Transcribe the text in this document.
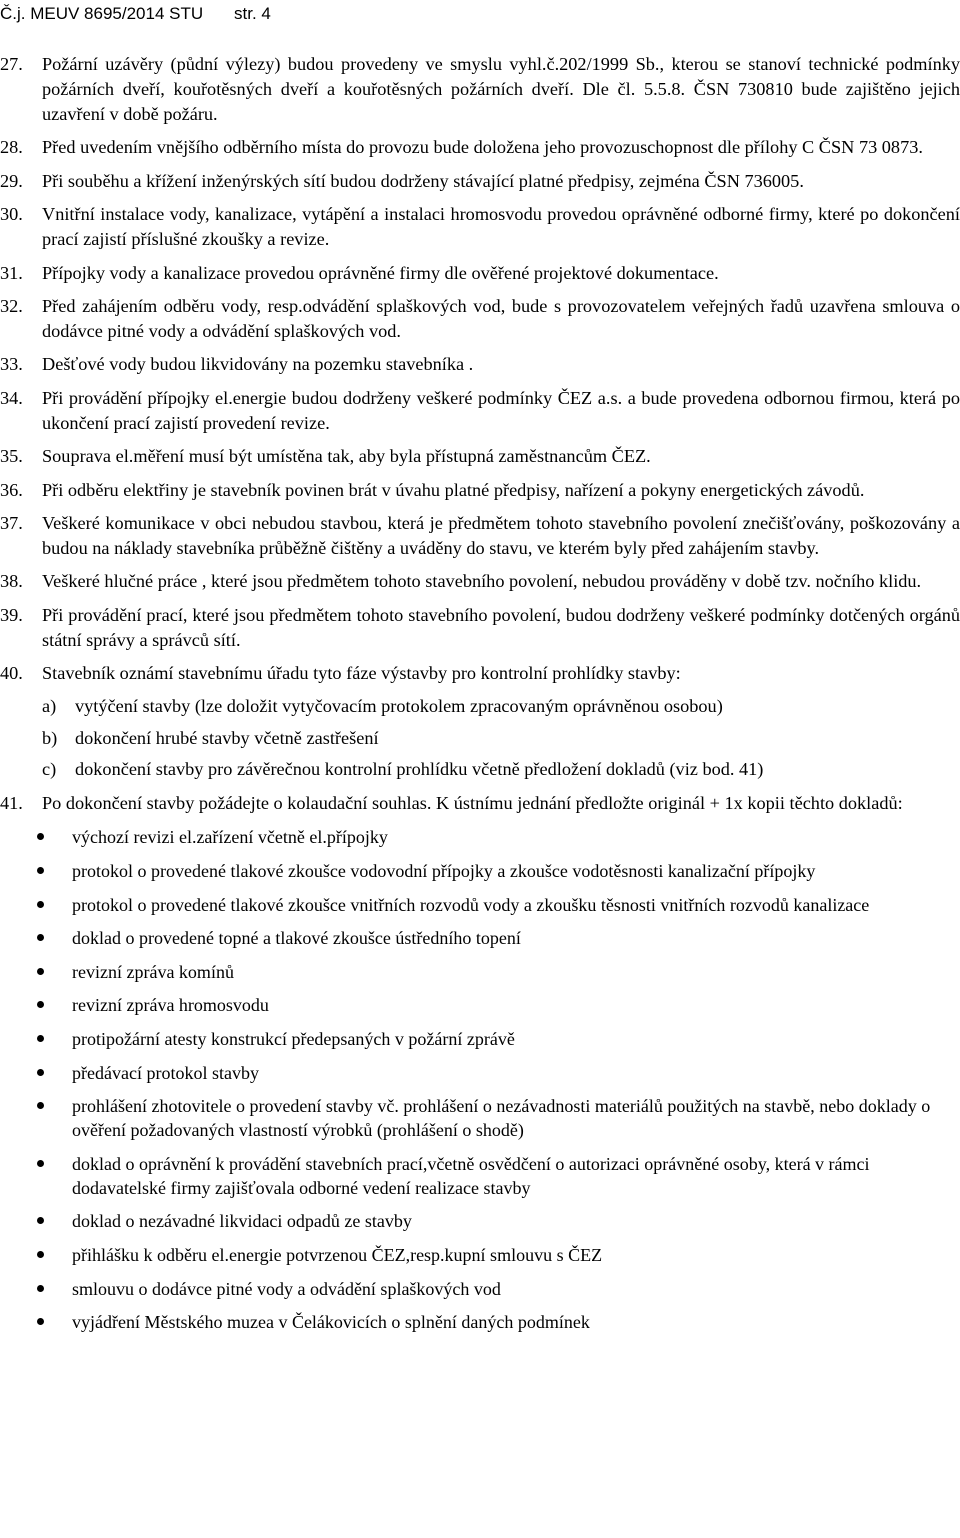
Č.j. MEUV 8695/2014 STU str. 4
27. Požární uzávěry (půdní výlezy) budou provedeny ve smyslu vyhl.č.202/1999 Sb., kterou se stanoví technické podmínky požárních dveří, kouřotěsných dveří a kouřotěsných požárních dveří. Dle čl. 5.5.8. ČSN 730810 bude zajištěno jejich uzavření v době požáru.
28. Před uvedením vnějšího odběrního místa do provozu bude doložena jeho provozuschopnost dle přílohy C ČSN 73 0873.
29. Při souběhu a křížení inženýrských sítí budou dodrženy stávající platné předpisy, zejména ČSN 736005.
30. Vnitřní instalace vody, kanalizace, vytápění a instalaci hromosvodu provedou oprávněné odborné firmy, které po dokončení prací zajistí příslušné zkoušky a revize.
31. Přípojky vody a kanalizace provedou oprávněné firmy dle ověřené projektové dokumentace.
32. Před zahájením odběru vody, resp.odvádění splaškových vod, bude s provozovatelem veřejných řadů uzavřena smlouva o dodávce pitné vody a odvádění splaškových vod.
33. Dešťové vody budou likvidovány na pozemku stavebníka .
34. Při provádění přípojky el.energie budou dodrženy veškeré podmínky ČEZ a.s. a bude provedena odbornou firmou, která po ukončení prací zajistí provedení revize.
35. Souprava el.měření musí být umístěna tak, aby byla přístupná zaměstnancům ČEZ.
36. Při odběru elektřiny je stavebník povinen brát v úvahu platné předpisy, nařízení a pokyny energetických závodů.
37. Veškeré komunikace v obci nebudou stavbou, která je předmětem tohoto stavebního povolení znečišťovány, poškozovány a budou na náklady stavebníka průběžně čištěny a uváděny do stavu, ve kterém byly před zahájením stavby.
38. Veškeré hlučné práce , které jsou předmětem tohoto stavebního povolení, nebudou prováděny v době tzv. nočního klidu.
39. Při provádění prací, které jsou předmětem tohoto stavebního povolení, budou dodrženy veškeré podmínky dotčených orgánů státní správy a správců sítí.
40. Stavebník oznámí stavebnímu úřadu tyto fáze výstavby pro kontrolní prohlídky stavby:
a) vytýčení stavby (lze doložit vytyčovacím protokolem zpracovaným oprávněnou osobou)
b) dokončení hrubé stavby včetně zastřešení
c) dokončení stavby pro závěrečnou kontrolní prohlídku včetně předložení dokladů (viz bod. 41)
41. Po dokončení stavby požádejte o kolaudační souhlas. K ústnímu jednání předložte originál + 1x kopii těchto dokladů:
výchozí revizi el.zařízení včetně el.přípojky
protokol o provedené tlakové zkoušce vodovodní přípojky a zkoušce vodotěsnosti kanalizační přípojky
protokol o provedené tlakové zkoušce vnitřních rozvodů vody a zkoušku těsnosti vnitřních rozvodů kanalizace
doklad o provedené topné a tlakové zkoušce ústředního topení
revizní zpráva komínů
revizní zpráva hromosvodu
protipožární atesty konstrukcí předepsaných v požární zprávě
předávací protokol stavby
prohlášení zhotovitele o provedení stavby vč. prohlášení o nezávadnosti materiálů použitých na stavbě, nebo doklady o ověření požadovaných vlastností výrobků (prohlášení o shodě)
doklad o oprávnění k provádění stavebních prací,včetně osvědčení o autorizaci oprávněné osoby, která v rámci dodavatelské firmy zajišťovala odborné vedení realizace stavby
doklad o nezávadné likvidaci odpadů ze stavby
přihlášku k odběru el.energie potvrzenou ČEZ,resp.kupní smlouvu s ČEZ
smlouvu o dodávce pitné vody a odvádění splaškových vod
vyjádření Městského muzea v Čelákovicích o splnění daných podmínek
